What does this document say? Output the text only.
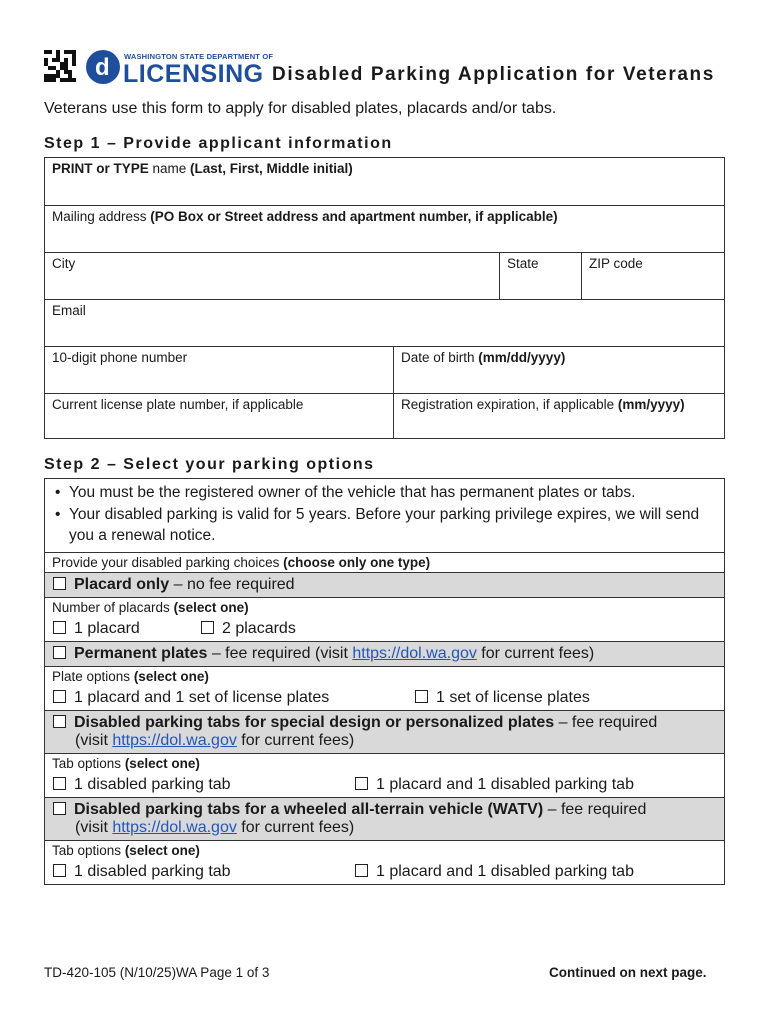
d WASHINGTON STATE DEPARTMENT OF
LICENSING Disabled Parking Application for Veterans
Veterans use this form to apply for disabled plates, placards and/or tabs.
Step 1 – Provide applicant information
PRINT or TYPE name (Last, First, Middle initial)
Mailing address (PO Box or Street address and apartment number, if applicable)
City	State	ZIP code
Email
10-digit phone number	Date of birth (mm/dd/yyyy)
Current license plate number, if applicable	Registration expiration, if applicable (mm/yyyy)
Step 2 – Select your parking options
• You must be the registered owner of the vehicle that has permanent plates or tabs.
• Your disabled parking is valid for 5 years. Before your parking privilege expires, we will send you a renewal notice.
Provide your disabled parking choices (choose only one type)
Placard only – no fee required
Number of placards (select one)
1 placard	2 placards
Permanent plates – fee required (visit https://dol.wa.gov for current fees)
Plate options (select one)
1 placard and 1 set of license plates	1 set of license plates
Disabled parking tabs for special design or personalized plates – fee required
(visit https://dol.wa.gov for current fees)
Tab options (select one)
1 disabled parking tab	1 placard and 1 disabled parking tab
Disabled parking tabs for a wheeled all-terrain vehicle (WATV) – fee required
(visit https://dol.wa.gov for current fees)
Tab options (select one)
1 disabled parking tab	1 placard and 1 disabled parking tab
TD-420-105 (N/10/25)WA Page 1 of 3	Continued on next page.
